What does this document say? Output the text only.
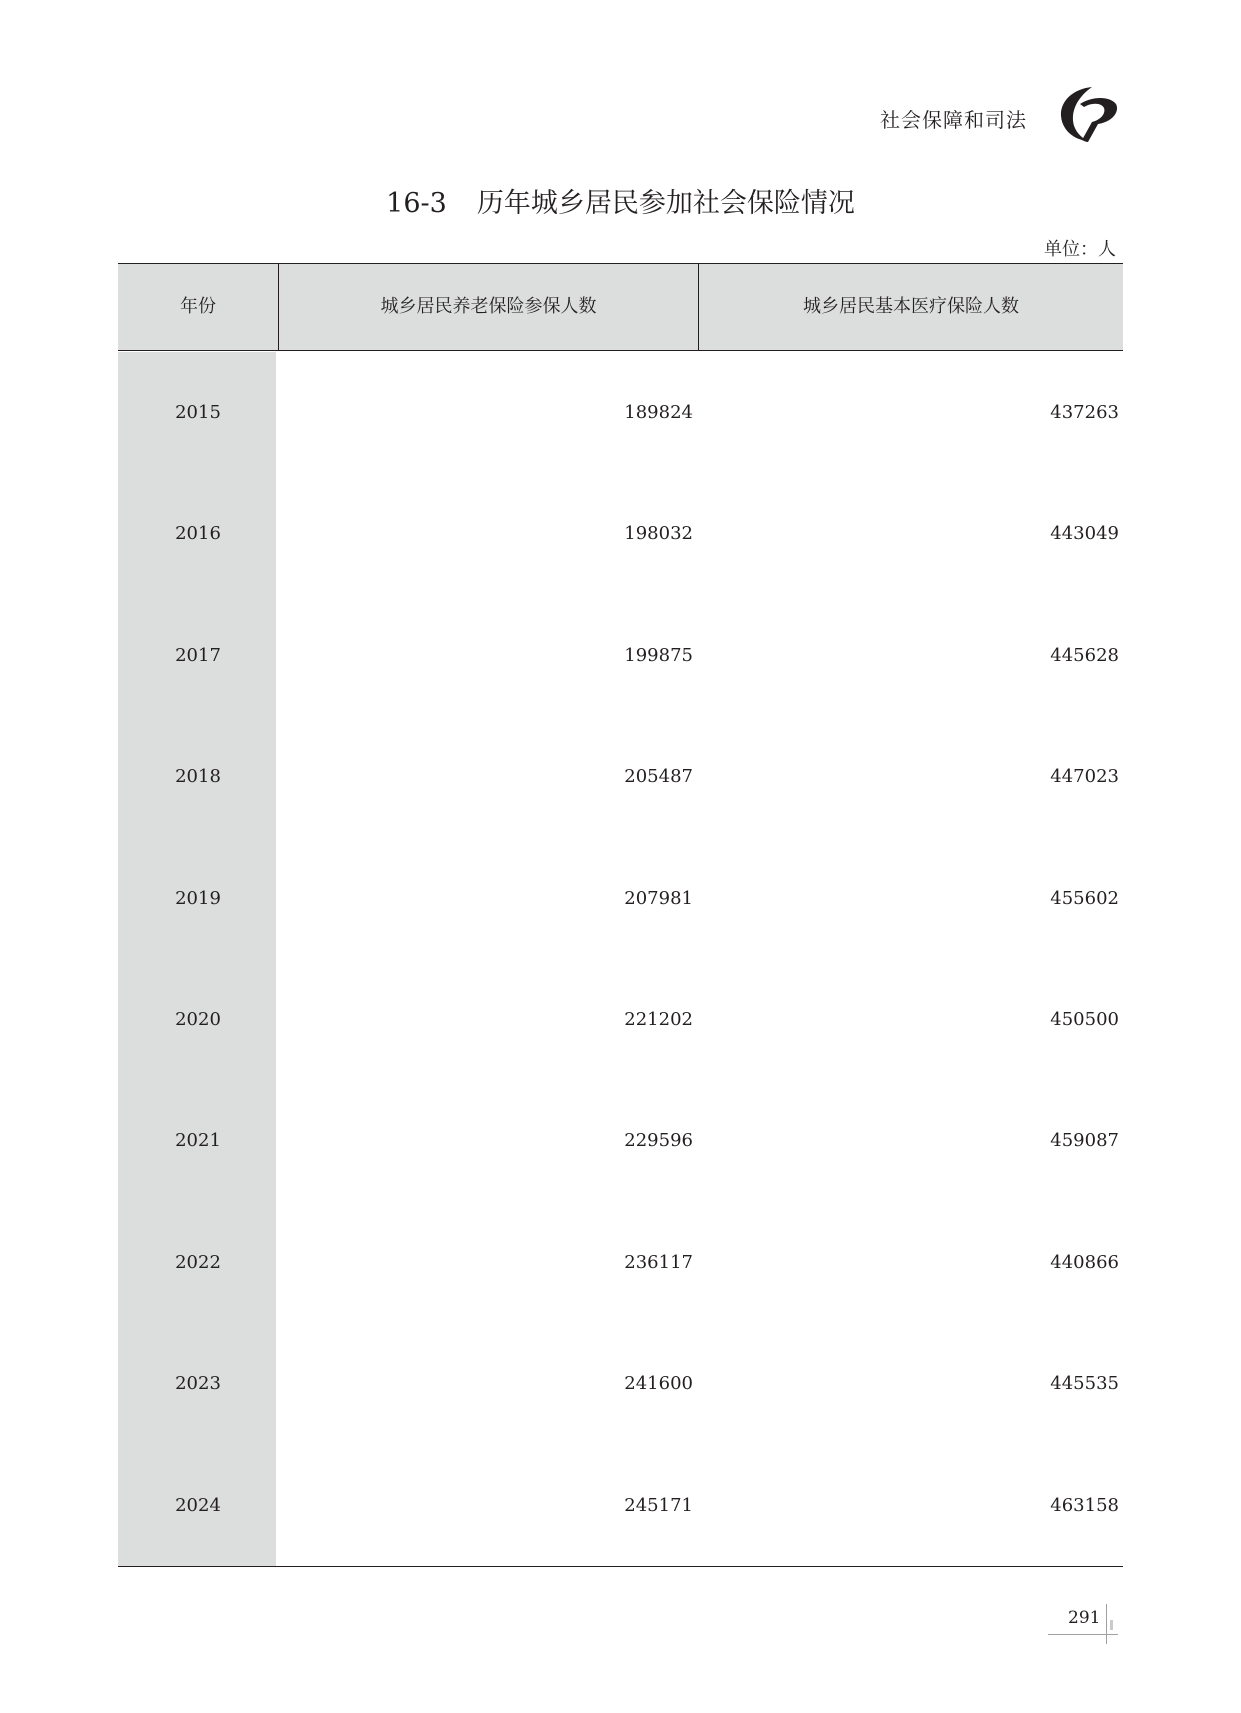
社会保障和司法
16-3 历年城乡居民参加社会保险情况
单位：人
年份	城乡居民养老保险参保人数	城乡居民基本医疗保险人数
2015	189824	437263
2016	198032	443049
2017	199875	445628
2018	205487	447023
2019	207981	455602
2020	221202	450500
2021	229596	459087
2022	236117	440866
2023	241600	445535
2024	245171	463158
291
